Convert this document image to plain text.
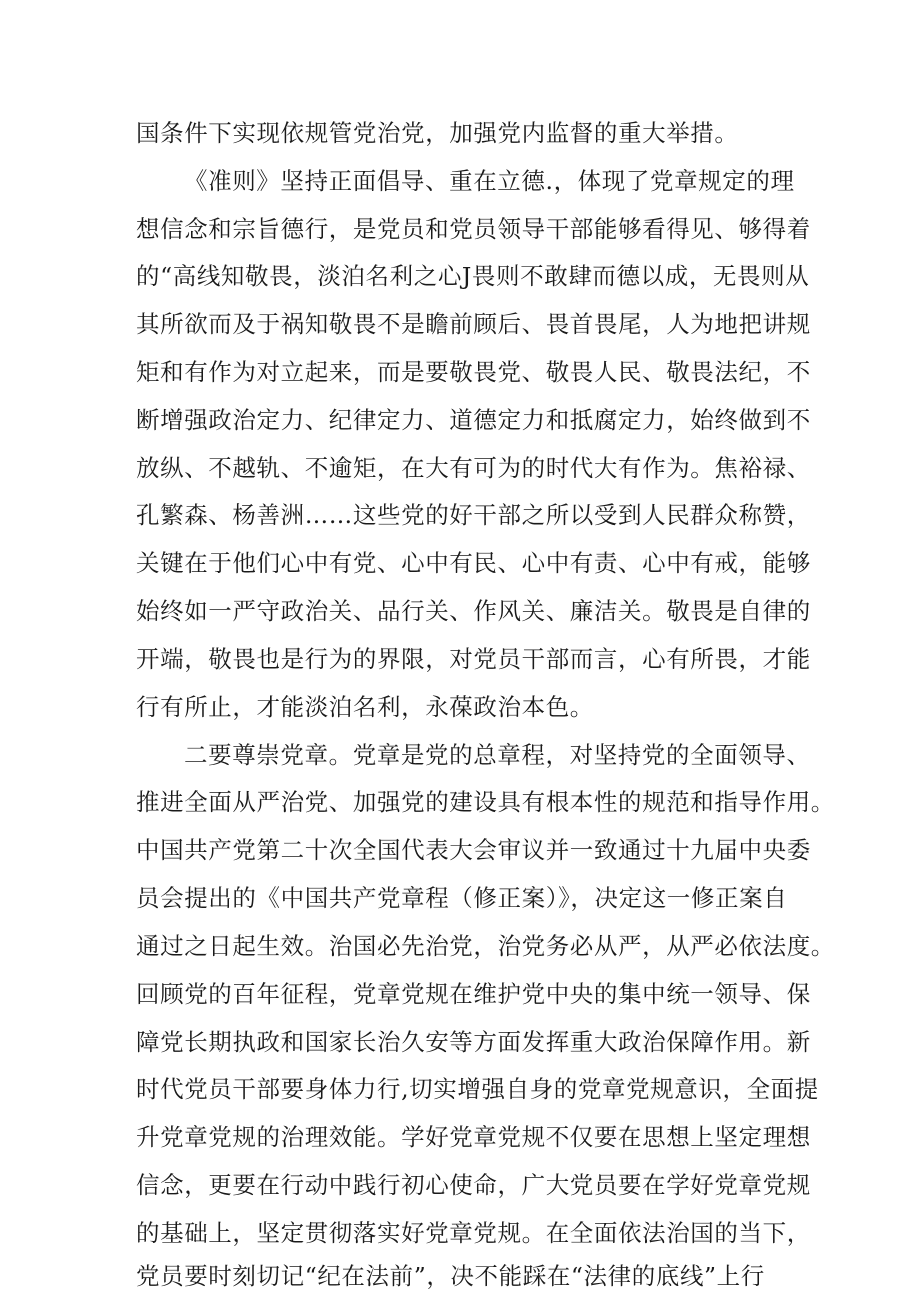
国条件下实现依规管党治党，加强党内监督的重大举措。
《准则》坚持正面倡导、重在立德.，体现了党章规定的理
想信念和宗旨德行，是党员和党员领导干部能够看得见、够得着
的“高线知敬畏，淡泊名利之心J畏则不敢肆而德以成，无畏则从
其所欲而及于祸知敬畏不是瞻前顾后、畏首畏尾，人为地把讲规
矩和有作为对立起来，而是要敬畏党、敬畏人民、敬畏法纪，不
断增强政治定力、纪律定力、道德定力和抵腐定力，始终做到不
放纵、不越轨、不逾矩，在大有可为的时代大有作为。焦裕禄、
孔繁森、杨善洲……这些党的好干部之所以受到人民群众称赞，
关键在于他们心中有党、心中有民、心中有责、心中有戒，能够
始终如一严守政治关、品行关、作风关、廉洁关。敬畏是自律的
开端，敬畏也是行为的界限，对党员干部而言，心有所畏，才能
行有所止，才能淡泊名利，永葆政治本色。
二要尊崇党章。党章是党的总章程，对坚持党的全面领导、
推进全面从严治党、加强党的建设具有根本性的规范和指导作用。
中国共产党第二十次全国代表大会审议并一致通过十九届中央委
员会提出的《中国共产党章程（修正案）》，决定这一修正案自
通过之日起生效。治国必先治党，治党务必从严，从严必依法度。
回顾党的百年征程，党章党规在维护党中央的集中统一领导、保
障党长期执政和国家长治久安等方面发挥重大政治保障作用。新
时代党员干部要身体力行,切实增强自身的党章党规意识，全面提
升党章党规的治理效能。学好党章党规不仅要在思想上坚定理想
信念，更要在行动中践行初心使命，广大党员要在学好党章党规
的基础上，坚定贯彻落实好党章党规。在全面依法治国的当下，
党员要时刻切记“纪在法前”，决不能踩在“法律的底线”上行
